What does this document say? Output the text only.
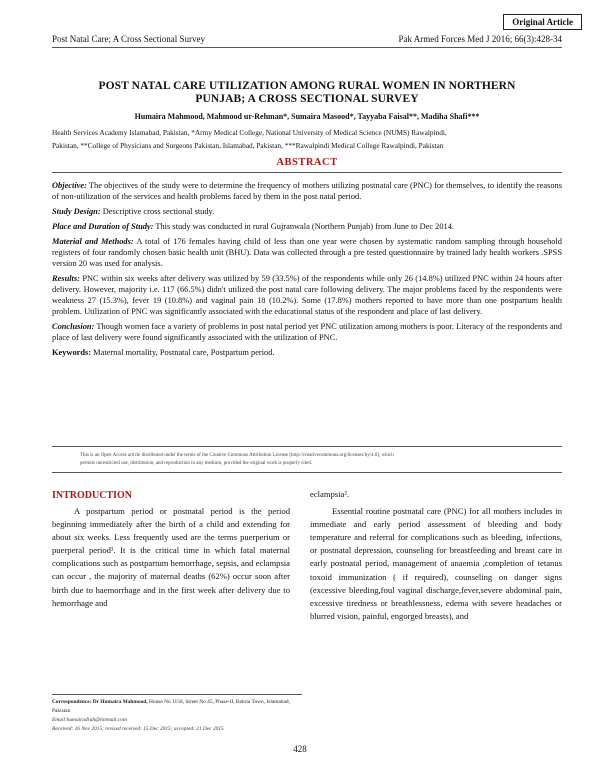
Original Article
Post Natal Care; A Cross Sectional Survey	Pak Armed Forces Med J 2016; 66(3):428-34
POST NATAL CARE UTILIZATION AMONG RURAL WOMEN IN NORTHERN
PUNJAB; A CROSS SECTIONAL SURVEY
Humaira Mahmood, Mahmood ur-Rehman*, Sumaira Masood*, Tayyaba Faisal**, Madiha Shafi***
Health Services Academy Islamabad, Pakistan, *Army Medical College, National University of Medical Science (NUMS) Rawalpindi,
Pakistan, **College of Physicians and Surgeons Pakistan, Islamabad, Pakistan, ***Rawalpindi Medical College Rawalpindi, Pakistan
ABSTRACT

Objective: The objectives of the study were to determine the frequency of mothers utilizing postnatal care (PNC) for themselves, to identify the reasons of non-utilization of the services and health problems faced by them in the post natal period.

Study Design: Descriptive cross sectional study.

Place and Duration of Study: This study was conducted in rural Gujranwala (Northern Punjab) from June to Dec 2014.

Material and Methods: A total of 176 females having child of less than one year were chosen by systematic random sampling through household registers of four randomly chosen basic health unit (BHU). Data was collected through a pre tested questionnaire by trained lady health workers .SPSS version 20 was used for analysis.

Results: PNC within six weeks after delivery was utilized by 59 (33.5%) of the respondents while only 26 (14.8%) utilized PNC within 24 hours after delivery. However, majority i.e. 117 (66.5%) didn't utilized the post natal care following delivery. The major problems faced by the respondents were weakness 27 (15.3%), fever 19 (10.8%) and vaginal pain 18 (10.2%). Some (17.8%) mothers reported to have more than one postpartum health problem. Utilization of PNC was significantly associated with the educational status of the respondent and place of last delivery.

Conclusion: Though women face a variety of problems in post natal period yet PNC utilization among mothers is poor. Literacy of the respondents and place of last delivery were found significantly associated with the utilization of PNC.

Keywords: Maternal mortality, Postnatal care, Postpartum period.

This is an Open Access article distributed under the terms of the Creative Commons Attribution License (http://creativecommons.org/licenses/by/4.0), which
permits unrestricted use, distribution, and reproduction in any medium, provided the original work is properly cited.
INTRODUCTION
A postpartum period or postnatal period is the period beginning immediately after the birth of a child and extending for about six weeks. Less frequently used are the terms puerperium or puerperal period¹. It is the critical time in which fatal maternal complications such as postpartum hemorrhage, sepsis, and eclampsia can occur , the majority of maternal deaths (62%) occur soon after birth due to haemorrhage and in the first week after delivery due to hemorrhage and
eclampsia².
Essential routine postnatal care (PNC) for all mothers includes in immediate and early period assessment of bleeding and body temperature and referral for complications such as bleeding, infections, or postnatal depression, counseling for breastfeeding and breast care in early postnatal period, management of anaemia ,completion of tetanus toxoid immunization ( if required), counseling on danger signs (excessive bleeding,foul vaginal discharge,fever,severe abdominal pain, excessive tiredness or breathlessness, edema with severe headaches or blurred vision, painful, engorged breasts), and
Correspondence: Dr Humaira Mahmood, House No 1156, Street No 45, Phase-II, Bahria Town, Islamabad, Pakistan
Email:humairadrah@hotmail.com
Received: 16 Nov 2015; revised received: 15 Dec 2015; accepted: 21 Dec 2015
428
